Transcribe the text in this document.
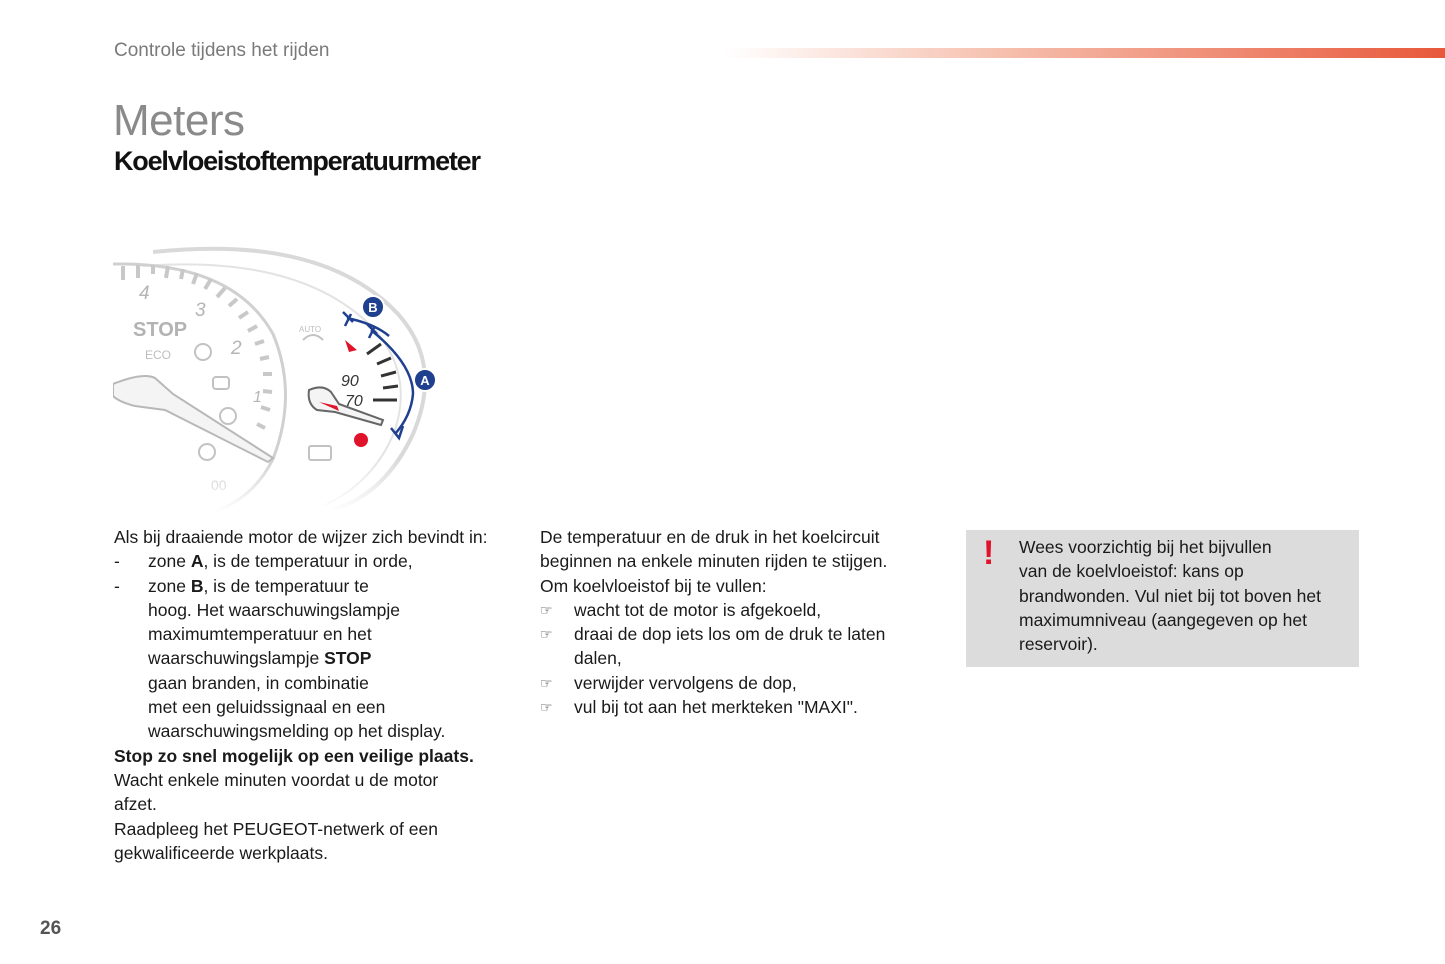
Controle tijdens het rijden
Meters
Koelvloeistoftemperatuurmeter
Als bij draaiende motor de wijzer zich bevindt in:
-	zone A, is de temperatuur in orde,
-	zone B, is de temperatuur te
hoog. Het waarschuwingslampje
maximumtemperatuur en het
waarschuwingslampje STOP
gaan branden, in combinatie
met een geluidssignaal en een
waarschuwingsmelding op het display.
Stop zo snel mogelijk op een veilige plaats.
Wacht enkele minuten voordat u de motor
afzet.
Raadpleeg het PEUGEOT-netwerk of een
gekwalificeerde werkplaats.
De temperatuur en de druk in het koelcircuit
beginnen na enkele minuten rijden te stijgen.
Om koelvloeistof bij te vullen:
☞ wacht tot de motor is afgekoeld,
☞ draai de dop iets los om de druk te laten
dalen,
☞ verwijder vervolgens de dop,
☞ vul bij tot aan het merkteken "MAXI".
! Wees voorzichtig bij het bijvullen
van de koelvloeistof: kans op
brandwonden. Vul niet bij tot boven het
maximumniveau (aangegeven op het
reservoir).
26
